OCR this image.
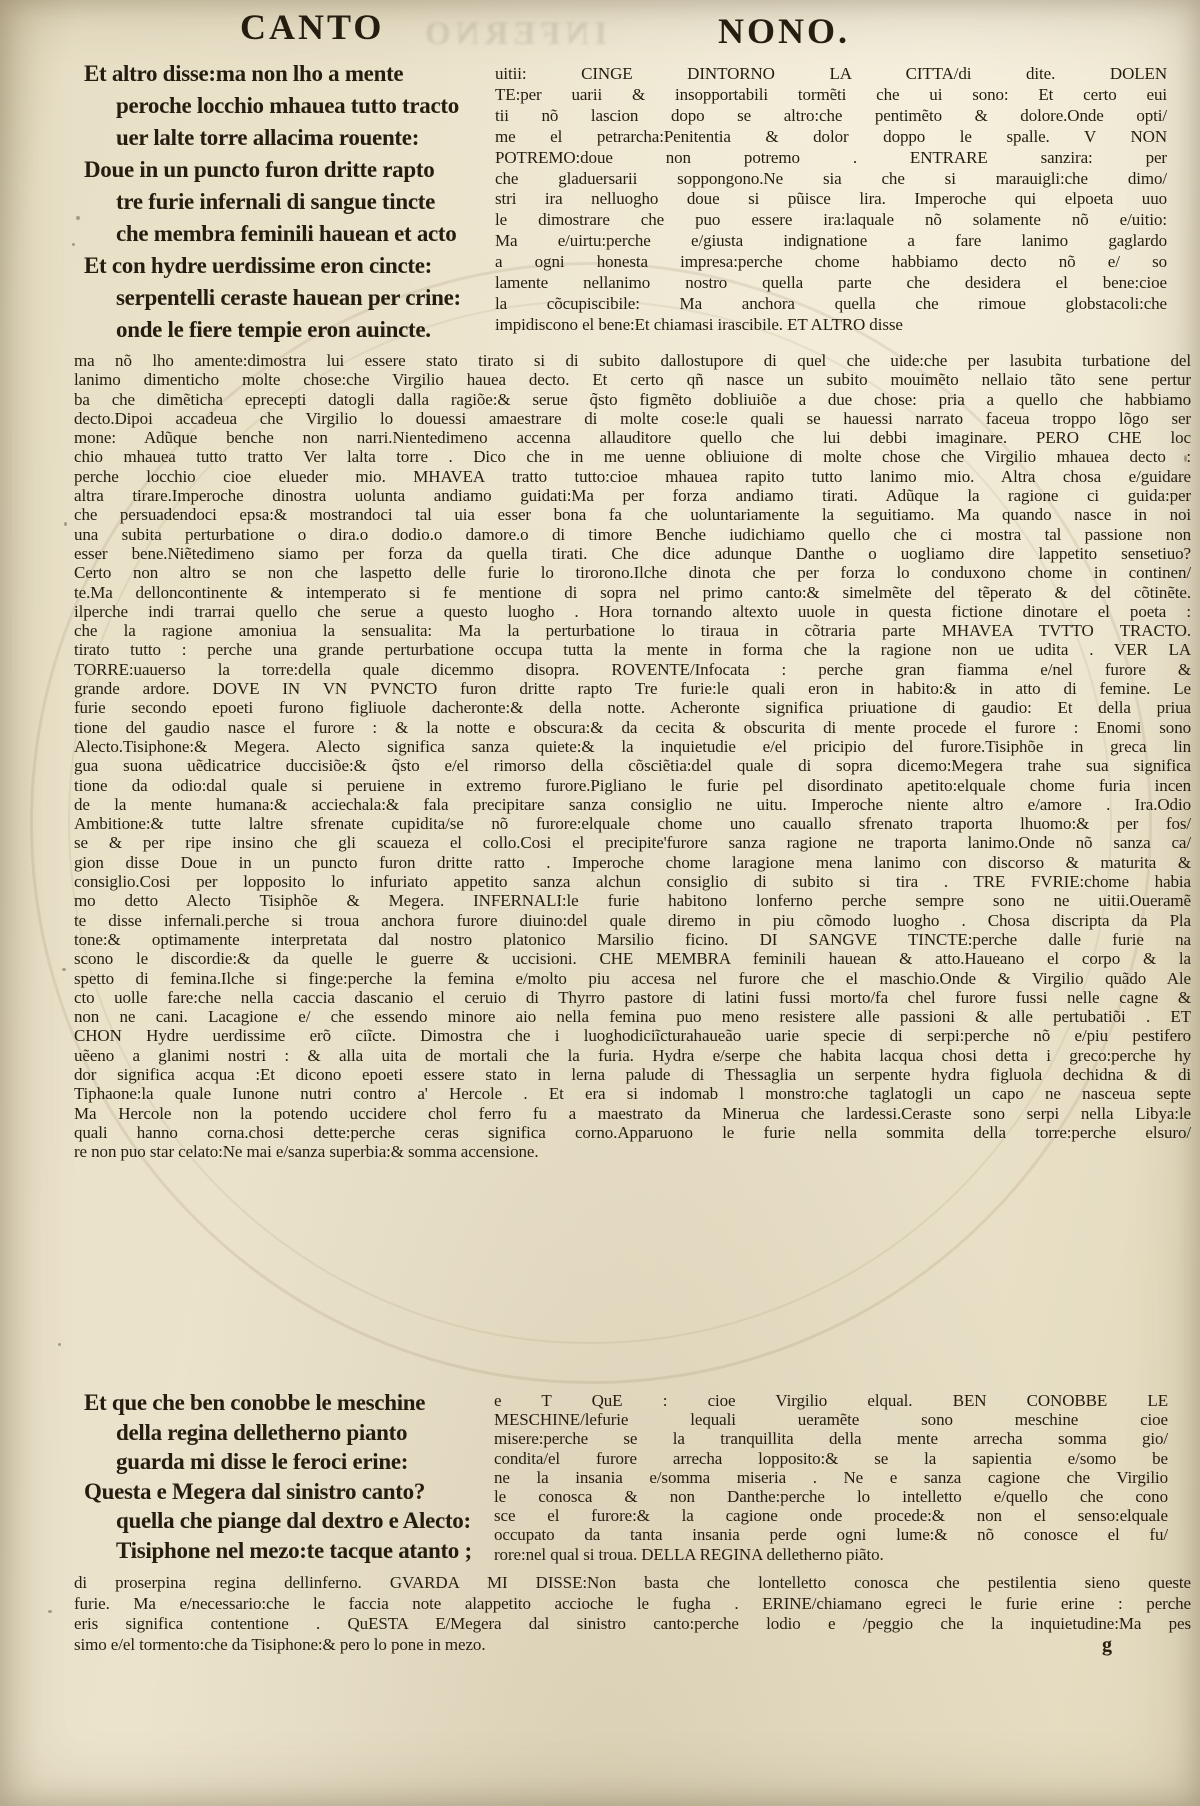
INFERNO
CANTO	NONO.
Et altro disse:ma non lho a mente
peroche locchio mhauea tutto tracto
uer lalte torre allacima rouente:
Doue in un puncto furon dritte rapto
tre furie infernali di sangue tincte
che membra feminili hauean et acto
Et con hydre uerdissime eron cincte:
serpentelli ceraste hauean per crine:
onde le fiere tempie eron auincte.
uitii: CINGE DINTORNO LA CITTA/di dite. DOLEN
TE:per uarii & insopportabili tormẽti che ui sono: Et certo eui
tii nõ lascion dopo se altro:che pentimẽto & dolore.Onde opti/
me el petrarcha:Penitentia & dolor doppo le spalle. V NON
POTREMO:doue non potremo . ENTRARE sanzira: per
che gladuersarii soppongono.Ne sia che si marauigli:che dimo/
stri ira nelluogho doue si pũisce lira. Imperoche qui elpoeta uuo
le dimostrare che puo essere ira:laquale nõ solamente nõ e/uitio:
Ma e/uirtu:perche e/giusta indignatione a fare lanimo gaglardo
a ogni honesta impresa:perche chome habbiamo decto nõ e/ so
lamente nellanimo nostro quella parte che desidera el bene:cioe
la cõcupiscibile: Ma anchora quella che rimoue globstacoli:che
impidiscono el bene:Et chiamasi irascibile. ET ALTRO disse
ma nõ lho amente:dimostra lui essere stato tirato si di subito dallostupore di quel che uide:che per lasubita turbatione del
lanimo dimenticho molte chose:che Virgilio hauea decto. Et certo qñ nasce un subito mouimẽto nellaio tãto sene pertur
ba che dimẽticha eprecepti datogli dalla ragiõe:& serue q̃sto figmẽto dobliuiõe a due chose: pria a quello che habbiamo
decto.Dipoi accadeua che Virgilio lo douessi amaestrare di molte cose:le quali se hauessi narrato faceua troppo lõgo ser
mone: Adũque benche non narri.Nientedimeno accenna allauditore quello che lui debbi imaginare. PERO CHE loc
chio mhauea tutto tratto Ver lalta torre . Dico che in me uenne obliuione di molte chose che Virgilio mhauea decto :
perche locchio cioe elueder mio. MHAVEA tratto tutto:cioe mhauea rapito tutto lanimo mio. Altra chosa e/guidare
altra tirare.Imperoche dinostra uolunta andiamo guidati:Ma per forza andiamo tirati. Adũque la ragione ci guida:per
che persuadendoci epsa:& mostrandoci tal uia esser bona fa che uoluntariamente la seguitiamo. Ma quando nasce in noi
una subita perturbatione o dira.o dodio.o damore.o di timore Benche iudichiamo quello che ci mostra tal passione non
esser bene.Niẽtedimeno siamo per forza da quella tirati. Che dice adunque Danthe o uogliamo dire lappetito sensetiuo?
Certo non altro se non che laspetto delle furie lo tirorono.Ilche dinota che per forza lo conduxono chome in continen/
te.Ma delloncontinente & intemperato si fe mentione di sopra nel primo canto:& simelmẽte del tẽperato & del cõtinẽte.
ilperche indi trarrai quello che serue a questo luogho . Hora tornando altexto uuole in questa fictione dinotare el poeta :
che la ragione amoniua la sensualita: Ma la perturbatione lo tiraua in cõtraria parte MHAVEA TVTTO TRACTO.
tirato tutto : perche una grande perturbatione occupa tutta la mente in forma che la ragione non ue udita . VER LA
TORRE:uauerso la torre:della quale dicemmo disopra. ROVENTE/Infocata : perche gran fiamma e/nel furore &
grande ardore. DOVE IN VN PVNCTO furon dritte rapto Tre furie:le quali eron in habito:& in atto di femine. Le
furie secondo epoeti furono figliuole dacheronte:& della notte. Acheronte significa priuatione di gaudio: Et della priua
tione del gaudio nasce el furore : & la notte e obscura:& da cecita & obscurita di mente procede el furore : Enomi sono
Alecto.Tisiphone:& Megera. Alecto significa sanza quiete:& la inquietudie e/el pricipio del furore.Tisiphõe in greca lin
gua suona uẽdicatrice duccisiõe:& q̃sto e/el rimorso della cõsciẽtia:del quale di sopra dicemo:Megera trahe sua significa
tione da odio:dal quale si peruiene in extremo furore.Pigliano le furie pel disordinato apetito:elquale chome furia incen
de la mente humana:& acciechala:& fala precipitare sanza consiglio ne uitu. Imperoche niente altro e/amore . Ira.Odio
Ambitione:& tutte laltre sfrenate cupidita/se nõ furore:elquale chome uno cauallo sfrenato traporta lhuomo:& per fos/
se & per ripe insino che gli scaueza el collo.Cosi el precipite'furore sanza ragione ne traporta lanimo.Onde nõ sanza ca/
gion disse Doue in un puncto furon dritte ratto . Imperoche chome laragione mena lanimo con discorso & maturita &
consiglio.Cosi per lopposito lo infuriato appetito sanza alchun consiglio di subito si tira . TRE FVRIE:chome habia
mo detto Alecto Tisiphõe & Megera. INFERNALI:le furie habitono lonferno perche sempre sono ne uitii.Oueramẽ
te disse infernali.perche si troua anchora furore diuino:del quale diremo in piu cõmodo luogho . Chosa discripta da Pla
tone:& optimamente interpretata dal nostro platonico Marsilio ficino. DI SANGVE TINCTE:perche dalle furie na
scono le discordie:& da quelle le guerre & uccisioni. CHE MEMBRA feminili hauean & atto.Haueano el corpo & la
spetto di femina.Ilche si finge:perche la femina e/molto piu accesa nel furore che el maschio.Onde & Virgilio quãdo Ale
cto uolle fare:che nella caccia dascanio el ceruio di Thyrro pastore di latini fussi morto/fa chel furore fussi nelle cagne &
non ne cani. Lacagione e/ che essendo minore aio nella femina puo meno resistere alle passioni & alle pertubatiõi . ET
CHON Hydre uerdissime erõ ciĩcte. Dimostra che i luoghodiciĩcturahaueão uarie specie di serpi:perche nõ e/piu pestifero
uẽeno a glanimi nostri : & alla uita de mortali che la furia. Hydra e/serpe che habita lacqua chosi detta i greco:perche hy
dor significa acqua :Et dicono epoeti essere stato in lerna palude di Thessaglia un serpente hydra figluola dechidna & di
Tiphaone:la quale Iunone nutri contro a' Hercole . Et era si indomab l monstro:che taglatogli un capo ne nasceua septe
Ma Hercole non la potendo uccidere chol ferro fu a maestrato da Minerua che lardessi.Ceraste sono serpi nella Libya:le
quali hanno corna.chosi dette:perche ceras significa corno.Apparuono le furie nella sommita della torre:perche elsuro/
re non puo star celato:Ne mai e/sanza superbia:& somma accensione.
Et que che ben conobbe le meschine
della regina delletherno pianto
guarda mi disse le feroci erine:
Questa e Megera dal sinistro canto?
quella che piange dal dextro e Alecto:
Tisiphone nel mezo:te tacque atanto ;
e T QuE : cioe Virgilio elqual. BEN CONOBBE LE
MESCHINE/lefurie lequali ueramẽte sono meschine cioe
misere:perche se la tranquillita della mente arrecha somma gio/
condita/el furore arrecha lopposito:& se la sapientia e/somo be
ne la insania e/somma miseria . Ne e sanza cagione che Virgilio
le conosca & non Danthe:perche lo intelletto e/quello che cono
sce el furore:& la cagione onde procede:& non el senso:elquale
occupato da tanta insania perde ogni lume:& nõ conosce el fu/
rore:nel qual si troua. DELLA REGINA delletherno piãto.
di proserpina regina dellinferno. GVARDA MI DISSE:Non basta che lontelletto conosca che pestilentia sieno queste
furie. Ma e/necessario:che le faccia note alappetito accioche le fugha . ERINE/chiamano egreci le furie erine : perche
eris significa contentione . QuESTA E/Megera dal sinistro canto:perche lodio e /peggio che la inquietudine:Ma pes
simo e/el tormento:che da Tisiphone:& pero lo pone in mezo.	g
